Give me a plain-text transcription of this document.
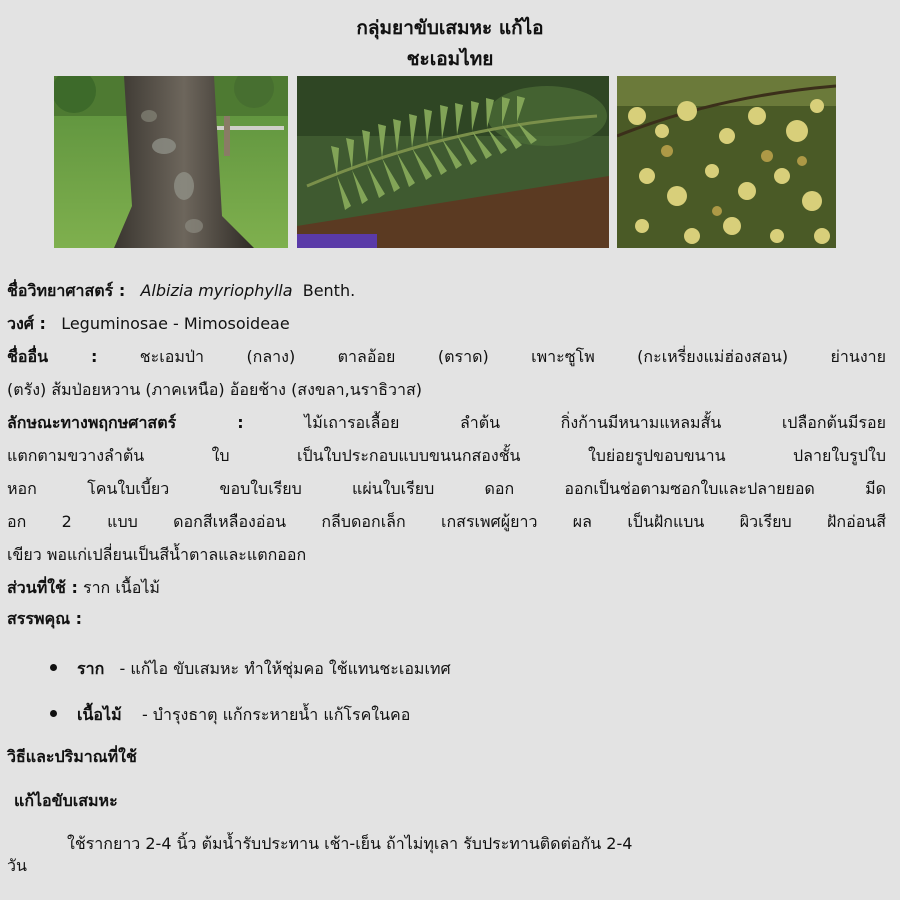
กลุ่มยาขับเสมหะ แก้ไอ
ชะเอมไทย
ชื่อวิทยาศาสตร์ : Albizia myriophylla Benth.
วงศ์ : Leguminosae - Mimosoideae
ชื่ออื่น :	ชะเอมป่า (กลาง) ตาลอ้อย (ตราด) เพาะซูโพ (กะเหรี่ยงแม่ฮ่องสอน) ย่านงาย
(ตรัง) ส้มป่อยหวาน (ภาคเหนือ) อ้อยช้าง (สงขลา,นราธิวาส)
ลักษณะทางพฤกษศาสตร์ :	ไม้เถารอเลื้อย ลำต้น กิ่งก้านมีหนามแหลมสั้น เปลือกต้นมีรอย
แตกตามขวางลำต้น ใบ เป็นใบประกอบแบบขนนกสองชั้น ใบย่อยรูปขอบขนาน ปลายใบรูปใบ
หอก โคนใบเบี้ยว ขอบใบเรียบ แผ่นใบเรียบ ดอก ออกเป็นช่อตามซอกใบและปลายยอด มีด
อก 2 แบบ ดอกสีเหลืองอ่อน กลีบดอกเล็ก เกสรเพศผู้ยาว ผล เป็นฝักแบน ผิวเรียบ ฝักอ่อนสี
เขียว พอแก่เปลี่ยนเป็นสีน้ำตาลและแตกออก
ส่วนที่ใช้ : ราก เนื้อไม้
สรรพคุณ :
ราก - แก้ไอ ขับเสมหะ ทำให้ชุ่มคอ ใช้แทนชะเอมเทศ
เนื้อไม้ - บำรุงธาตุ แก้กระหายน้ำ แก้โรคในคอ
วิธีและปริมาณที่ใช้
แก้ไอขับเสมหะ
ใช้รากยาว 2-4 นิ้ว ต้มน้ำรับประทาน เช้า-เย็น ถ้าไม่ทุเลา รับประทานติดต่อกัน 2-4
วัน
